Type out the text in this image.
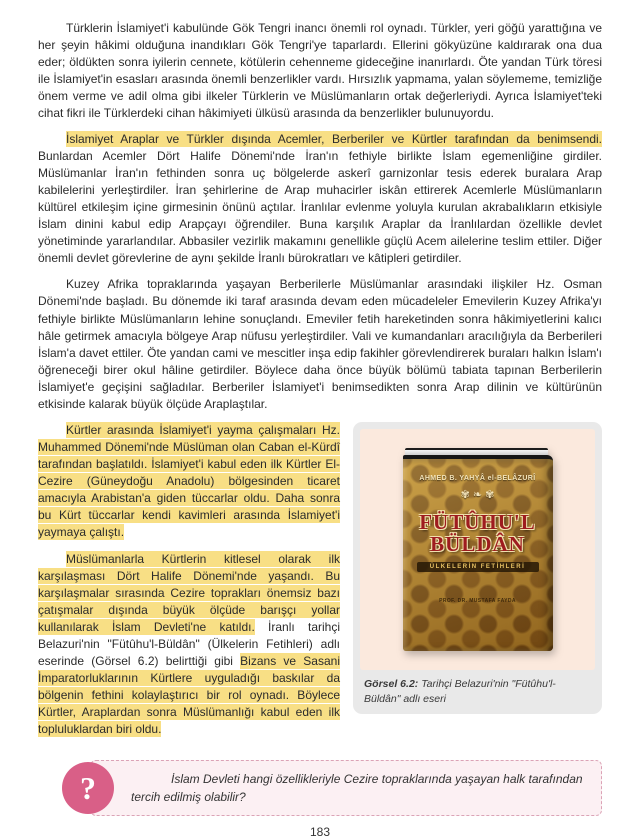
Türklerin İslamiyet'i kabulünde Gök Tengri inancı önemli rol oynadı. Türkler, yeri göğü yarattığına ve her şeyin hâkimi olduğuna inandıkları Gök Tengri'ye taparlardı. Ellerini gökyüzüne kaldırarak ona dua eder; öldükten sonra iyilerin cennete, kötülerin cehenneme gideceğine inanırlardı. Öte yandan Türk töresi ile İslamiyet'in esasları arasında önemli benzerlikler vardı. Hırsızlık yapmama, yalan söylememe, temizliğe önem verme ve adil olma gibi ilkeler Türklerin ve Müslümanların ortak değerleriydi. Ayrıca İslamiyet'teki cihat fikri ile Türklerdeki cihan hâkimiyeti ülküsü arasında da benzerlikler bulunuyordu.

İslamiyet Araplar ve Türkler dışında Acemler, Berberiler ve Kürtler tarafından da benimsendi. Bunlardan Acemler Dört Halife Dönemi'nde İran'ın fethiyle birlikte İslam egemenliğine girdiler. Müslümanlar İran'ın fethinden sonra uç bölgelerde askerî garnizonlar tesis ederek buralara Arap kabilelerini yerleştirdiler. İran şehirlerine de Arap muhacirler iskân ettirerek Acemlerle Müslümanların kültürel etkileşim içine girmesinin önünü açtılar. İranlılar evlenme yoluyla kurulan akrabalıkların etkisiyle İslam dinini kabul edip Arapçayı öğrendiler. Buna karşılık Araplar da İranlılardan özellikle devlet yönetiminde yararlandılar. Abbasiler vezirlik makamını genellikle güçlü Acem ailelerine teslim ettiler. Diğer önemli devlet görevlerine de aynı şekilde İranlı bürokratları ve kâtipleri getirdiler.

Kuzey Afrika topraklarında yaşayan Berberilerle Müslümanlar arasındaki ilişkiler Hz. Osman Dönemi'nde başladı. Bu dönemde iki taraf arasında devam eden mücadeleler Emevilerin Kuzey Afrika'yı fethiyle birlikte Müslümanların lehine sonuçlandı. Emeviler fetih hareketinden sonra hâkimiyetlerini kalıcı hâle getirmek amacıyla bölgeye Arap nüfusu yerleştirdiler. Vali ve kumandanları aracılığıyla da Berberileri İslam'a davet ettiler. Öte yandan cami ve mescitler inşa edip fakihler görevlendirerek buraları halkın İslam'ı öğreneceği birer okul hâline getirdiler. Böylece daha önce büyük bölümü tabiata tapınan Berberilerin İslamiyet'e geçişini sağladılar. Berberiler İslamiyet'i benimsedikten sonra Arap dilinin ve kültürünün etkisinde kalarak büyük ölçüde Araplaştılar.

Kürtler arasında İslamiyet'i yayma çalışmaları Hz. Muhammed Dönemi'nde Müslüman olan Caban el-Kürdî tarafından başlatıldı. İslamiyet'i kabul eden ilk Kürtler El-Cezire (Güneydoğu Anadolu) bölgesinden ticaret amacıyla Arabistan'a giden tüccarlar oldu. Daha sonra bu Kürt tüccarlar kendi kavimleri arasında İslamiyet'i yaymaya çalıştı.

Müslümanlarla Kürtlerin kitlesel olarak ilk karşılaşması Dört Halife Dönemi'nde yaşandı. Bu karşılaşmalar sırasında Cezire toprakları önemsiz bazı çatışmalar dışında büyük ölçüde barışçı yollar kullanılarak İslam Devleti'ne katıldı. İranlı tarihçi Belazuri'nin "Fütûhu'l-Büldân" (Ülkelerin Fetihleri) adlı eserinde (Görsel 6.2) belirttiği gibi Bizans ve Sasani İmparatorluklarının Kürtlere uyguladığı baskılar da bölgenin fethini kolaylaştırıcı bir rol oynadı. Böylece Kürtler, Araplardan sonra Müslümanlığı kabul eden ilk topluluklardan biri oldu.

AHMED B. YAHYÂ el-BELÂZURÎ
✾ ❧ ✾
FÜTÛHU'L
BÜLDÂN
ÜLKELERİN FETİHLERİ
PROF. DR. MUSTAFA FAYDA
Görsel 6.2: Tarihçi Belazuri'nin "Fütûhu'l-Büldân" adlı eseri
İslam Devleti hangi özellikleriyle Cezire topraklarında yaşayan halk tarafından tercih edilmiş olabilir?
?
183
